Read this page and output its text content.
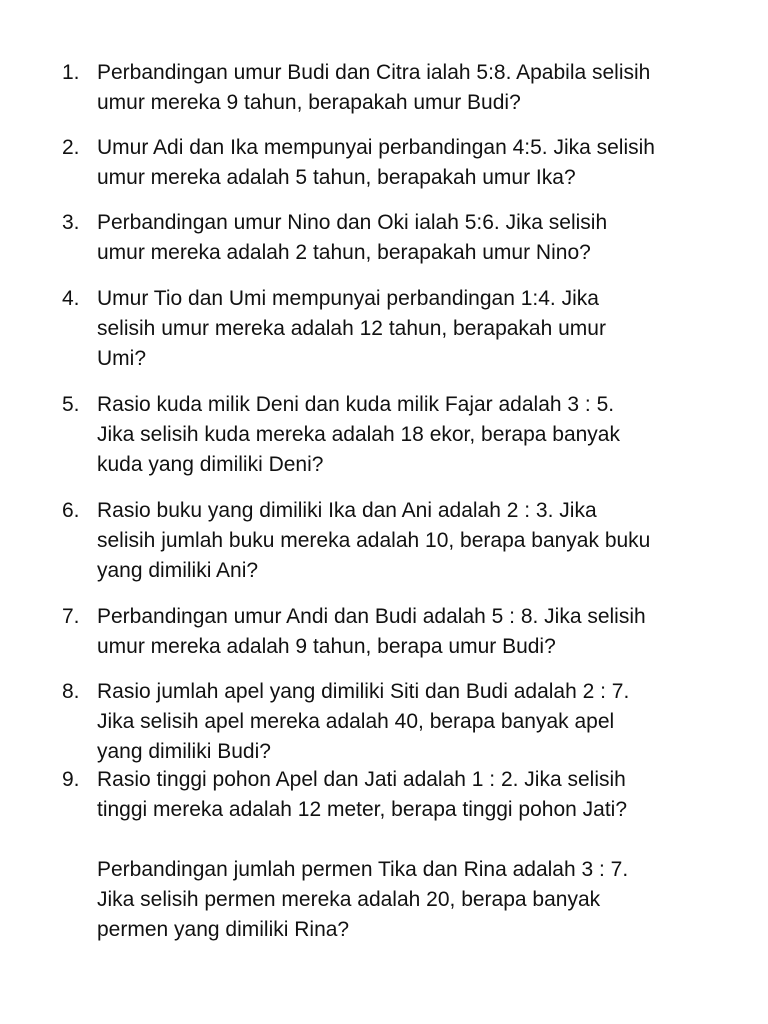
1. Perbandingan umur Budi dan Citra ialah 5:8. Apabila selisih
umur mereka 9 tahun, berapakah umur Budi?
2. Umur Adi dan Ika mempunyai perbandingan 4:5. Jika selisih
umur mereka adalah 5 tahun, berapakah umur Ika?
3. Perbandingan umur Nino dan Oki ialah 5:6. Jika selisih
umur mereka adalah 2 tahun, berapakah umur Nino?
4. Umur Tio dan Umi mempunyai perbandingan 1:4. Jika
selisih umur mereka adalah 12 tahun, berapakah umur
Umi?
5. Rasio kuda milik Deni dan kuda milik Fajar adalah 3 : 5.
Jika selisih kuda mereka adalah 18 ekor, berapa banyak
kuda yang dimiliki Deni?
6. Rasio buku yang dimiliki Ika dan Ani adalah 2 : 3. Jika
selisih jumlah buku mereka adalah 10, berapa banyak buku
yang dimiliki Ani?
7. Perbandingan umur Andi dan Budi adalah 5 : 8. Jika selisih
umur mereka adalah 9 tahun, berapa umur Budi?
8. Rasio jumlah apel yang dimiliki Siti dan Budi adalah 2 : 7.
Jika selisih apel mereka adalah 40, berapa banyak apel
yang dimiliki Budi?
9. Rasio tinggi pohon Apel dan Jati adalah 1 : 2. Jika selisih
tinggi mereka adalah 12 meter, berapa tinggi pohon Jati?
Perbandingan jumlah permen Tika dan Rina adalah 3 : 7.
Jika selisih permen mereka adalah 20, berapa banyak
permen yang dimiliki Rina?
